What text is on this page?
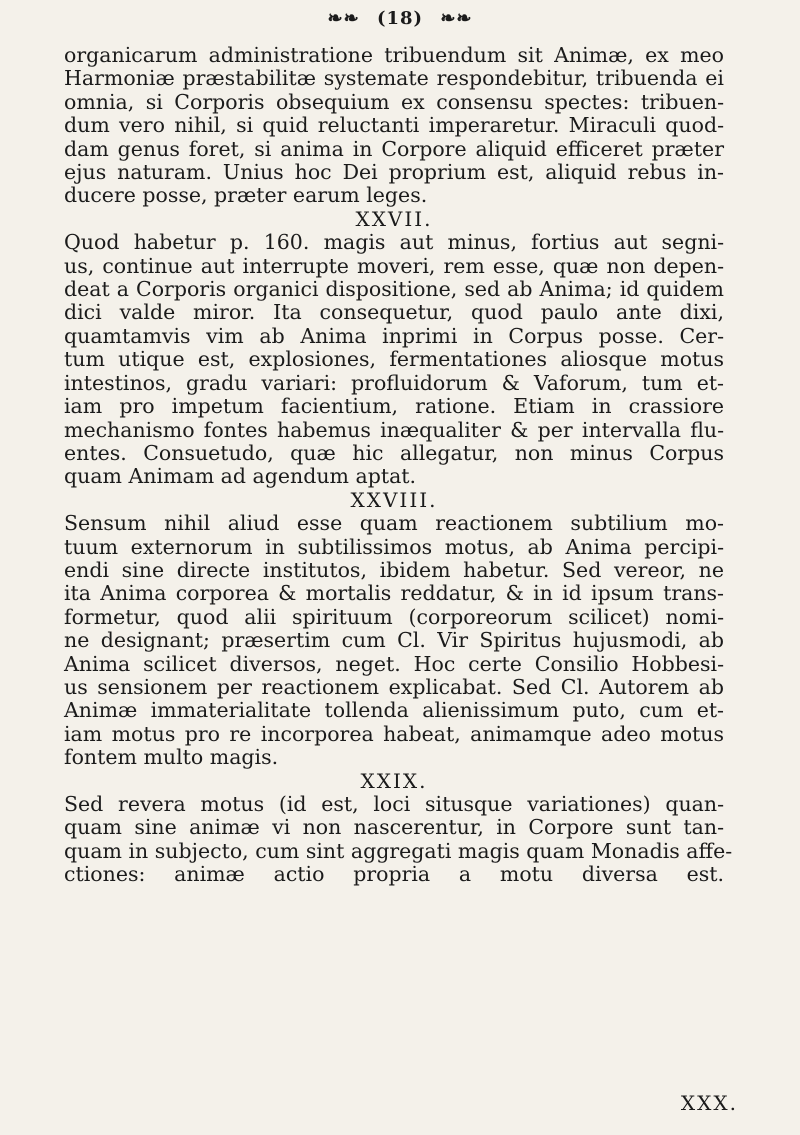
❧❧ (18) ❧❧
organicarum administratione tribuendum sit Animæ, ex meo
Harmoniæ præstabilitæ systemate respondebitur, tribuenda ei
omnia, si Corporis obsequium ex consensu spectes: tribuen-
dum vero nihil, si quid reluctanti imperaretur. Miraculi quod-
dam genus foret, si anima in Corpore aliquid efficeret præter
ejus naturam. Unius hoc Dei proprium est, aliquid rebus in-
ducere posse, præter earum leges.
XXVII.
Quod habetur p. 160. magis aut minus, fortius aut segni-
us, continue aut interrupte moveri, rem esse, quæ non depen-
deat a Corporis organici dispositione, sed ab Anima; id quidem
dici valde miror. Ita consequetur, quod paulo ante dixi,
quamtamvis vim ab Anima inprimi in Corpus posse. Cer-
tum utique est, explosiones, fermentationes aliosque motus
intestinos, gradu variari: profluidorum & Vaforum, tum et-
iam pro impetum facientium, ratione. Etiam in crassiore
mechanismo fontes habemus inæqualiter & per intervalla flu-
entes. Consuetudo, quæ hic allegatur, non minus Corpus
quam Animam ad agendum aptat.
XXVIII.
Sensum nihil aliud esse quam reactionem subtilium mo-
tuum externorum in subtilissimos motus, ab Anima percipi-
endi sine directe institutos, ibidem habetur. Sed vereor, ne
ita Anima corporea & mortalis reddatur, & in id ipsum trans-
formetur, quod alii spirituum (corporeorum scilicet) nomi-
ne designant; præsertim cum Cl. Vir Spiritus hujusmodi, ab
Anima scilicet diversos, neget. Hoc certe Consilio Hobbesi-
us sensionem per reactionem explicabat. Sed Cl. Autorem ab
Animæ immaterialitate tollenda alienissimum puto, cum et-
iam motus pro re incorporea habeat, animamque adeo motus
fontem multo magis.
XXIX.
Sed revera motus (id est, loci situsque variationes) quan-
quam sine animæ vi non nascerentur, in Corpore sunt tan-
quam in subjecto, cum sint aggregati magis quam Monadis affe-
ctiones: animæ actio propria a motu diversa est.
XXX.
